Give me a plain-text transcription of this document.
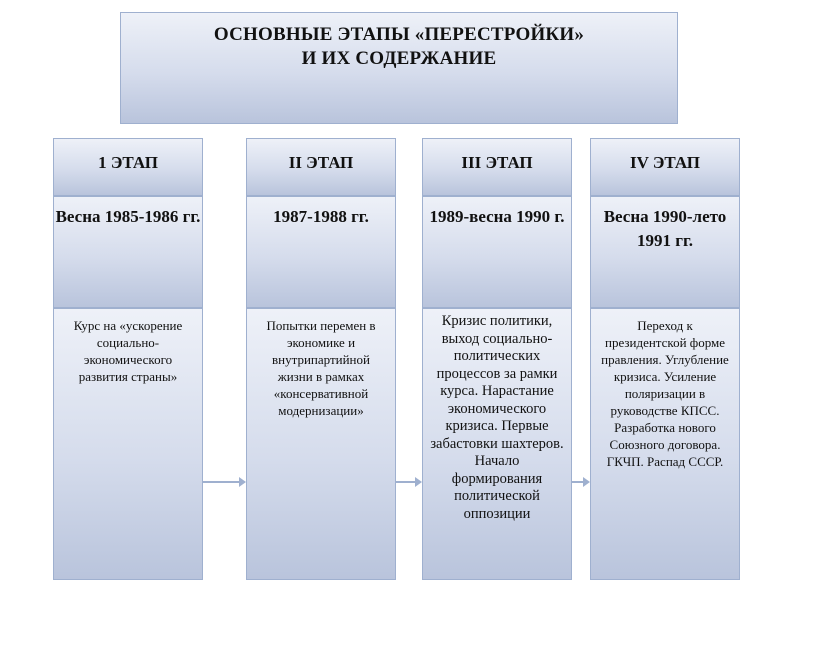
ОСНОВНЫЕ ЭТАПЫ «ПЕРЕСТРОЙКИ»
И ИХ СОДЕРЖАНИЕ
1 ЭТАП
Весна 1985-1986 гг.
Курс на «ускорение социально-экономического развития страны»
II ЭТАП
1987-1988 гг.
Попытки перемен в экономике и внутрипартийной жизни в рамках «консервативной модернизации»
III ЭТАП
1989-весна 1990 г.
Кризис политики, выход социально-политических процессов за рамки курса. Нарастание экономического кризиса. Первые забастовки шахтеров. Начало формирования политической оппозиции
IV ЭТАП
Весна 1990-лето 1991 гг.
Переход к президентской форме правления. Углубление кризиса. Усиление поляризации в руководстве КПСС. Разработка нового Союзного договора. ГКЧП. Распад СССР.
